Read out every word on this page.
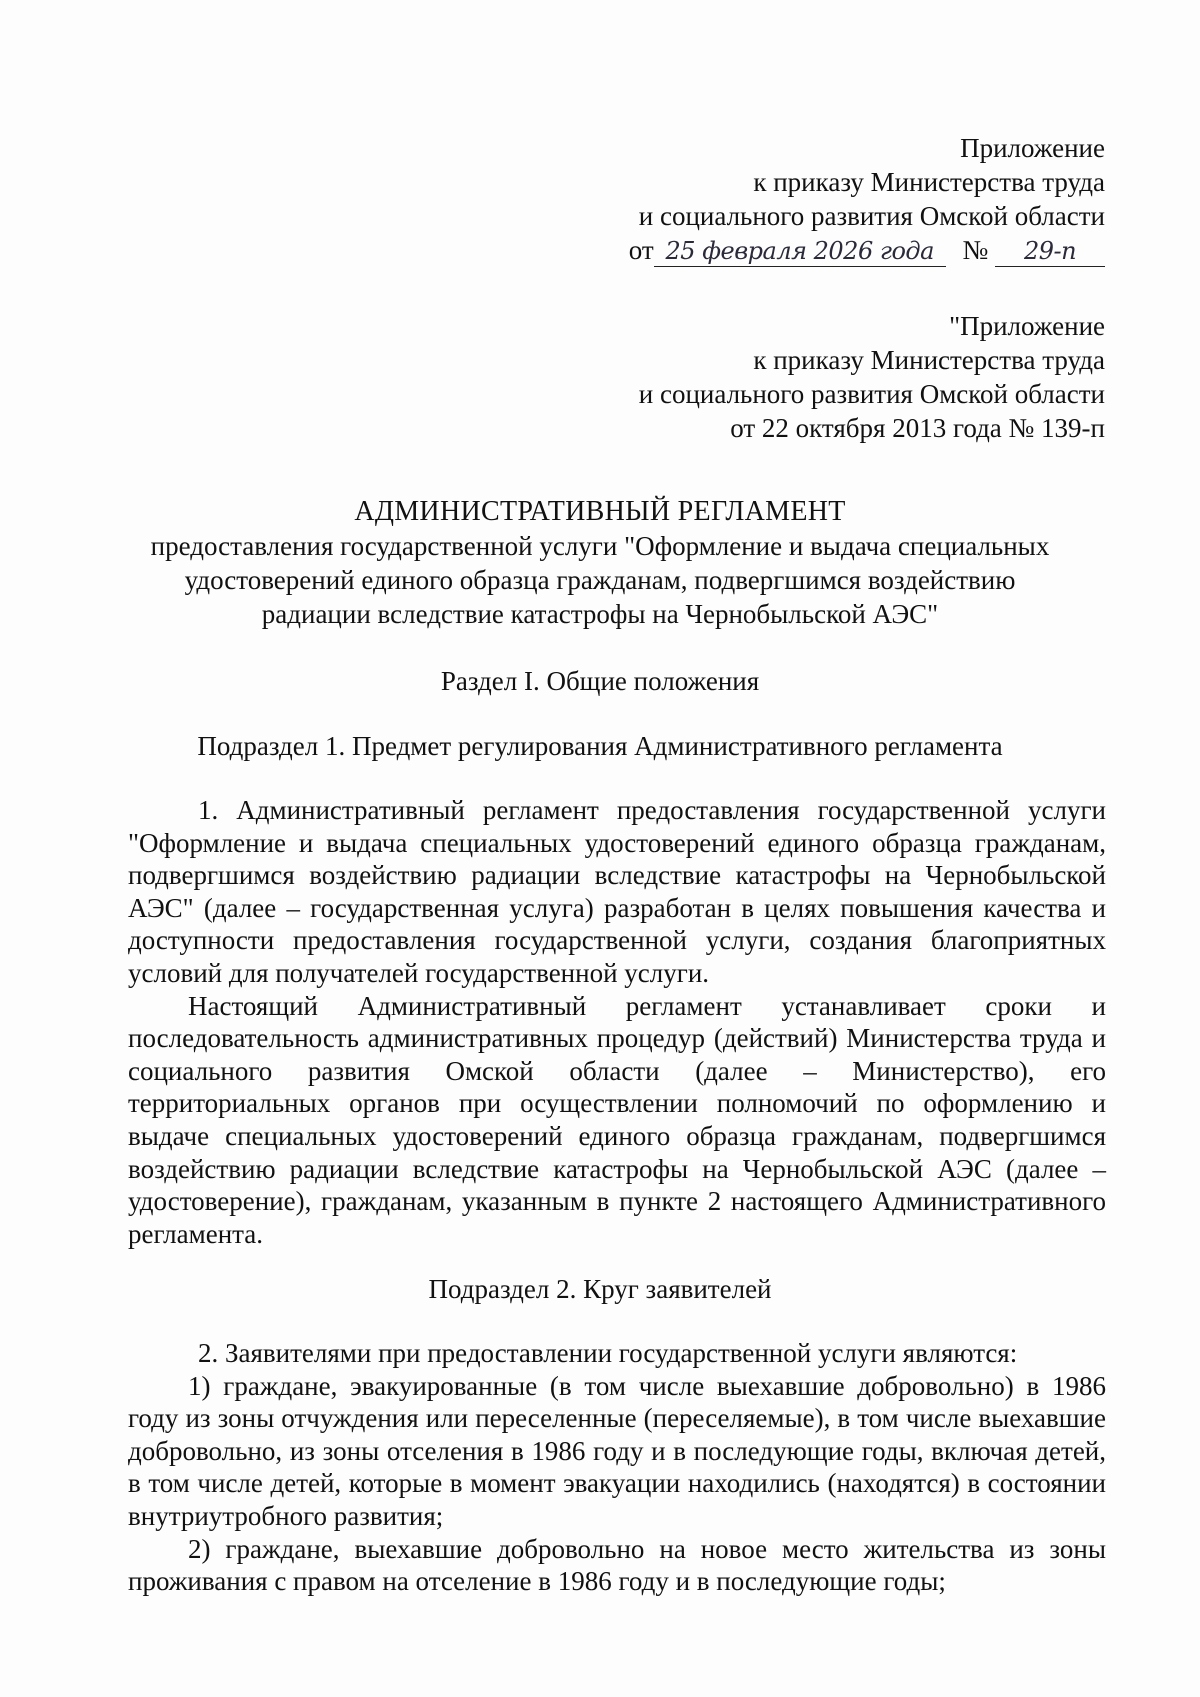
Приложение
к приказу Министерства труда
и социального развития Омской области
от 25 февраля 2026 года № 29-п
"Приложение
к приказу Министерства труда
и социального развития Омской области
от 22 октября 2013 года № 139-п
АДМИНИСТРАТИВНЫЙ РЕГЛАМЕНТ
предоставления государственной услуги "Оформление и выдача специальных
удостоверений единого образца гражданам, подвергшимся воздействию
радиации вследствие катастрофы на Чернобыльской АЭС"
Раздел I. Общие положения
Подраздел 1. Предмет регулирования Административного регламента

1. Административный регламент предоставления государственной услуги "Оформление и выдача специальных удостоверений единого образца гражданам, подвергшимся воздействию радиации вследствие катастрофы на Чернобыльской АЭС" (далее – государственная услуга) разработан в целях повышения качества и доступности предоставления государственной услуги, создания благоприятных условий для получателей государственной услуги.

Настоящий Административный регламент устанавливает сроки и последовательность административных процедур (действий) Министерства труда и социального развития Омской области (далее – Министерство), его территориальных органов при осуществлении полномочий по оформлению и выдаче специальных удостоверений единого образца гражданам, подвергшимся воздействию радиации вследствие катастрофы на Чернобыльской АЭС (далее – удостоверение), гражданам, указанным в пункте 2 настоящего Административного регламента.

Подраздел 2. Круг заявителей

2. Заявителями при предоставлении государственной услуги являются:

1) граждане, эвакуированные (в том числе выехавшие добровольно) в 1986 году из зоны отчуждения или переселенные (переселяемые), в том числе выехавшие добровольно, из зоны отселения в 1986 году и в последующие годы, включая детей, в том числе детей, которые в момент эвакуации находились (находятся) в состоянии внутриутробного развития;

2) граждане, выехавшие добровольно на новое место жительства из зоны проживания с правом на отселение в 1986 году и в последующие годы;
